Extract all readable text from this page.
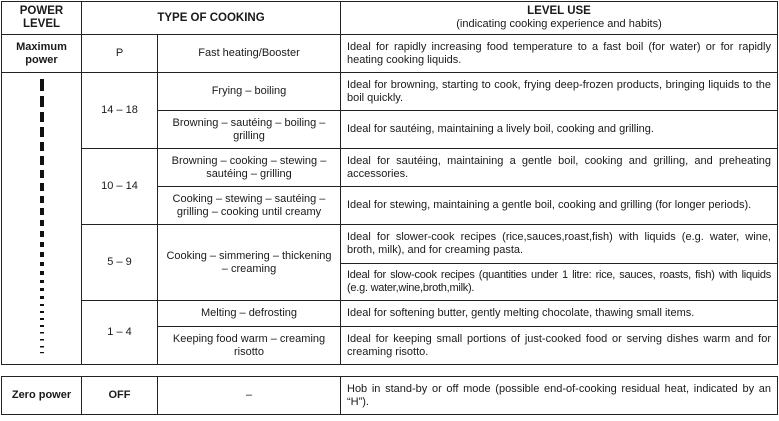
POWER LEVEL	TYPE OF COOKING		LEVEL USE
(indicating cooking experience and habits)

Maximum power	P	Fast heating/Booster	Ideal for rapidly increasing food temperature to a fast boil (for water) or for rapidly heating cooking liquids.

	14 – 18	Frying – boiling	Ideal for browning, starting to cook, frying deep-frozen products, bringing liquids to the boil quickly.
		Browning – sautéing – boiling – grilling	Ideal for sautéing, maintaining a lively boil, cooking and grilling.
	10 – 14	Browning – cooking – stewing – sautéing – grilling	Ideal for sautéing, maintaining a gentle boil, cooking and grilling, and preheating accessories.
		Cooking – stewing – sautéing – grilling – cooking until creamy	Ideal for stewing, maintaining a gentle boil, cooking and grilling (for longer periods).
	5 – 9	Cooking – simmering – thickening – creaming	Ideal for slower-cook recipes (rice,sauces,roast,fish) with liquids (e.g. water, wine, broth, milk), and for creaming pasta.
			Ideal for slow-cook recipes (quantities under 1 litre: rice, sauces, roasts, fish) with liquids (e.g. water,wine,broth,milk).
	1 – 4	Melting – defrosting	Ideal for softening butter, gently melting chocolate, thawing small items.
		Keeping food warm – creaming risotto	Ideal for keeping small portions of just-cooked food or serving dishes warm and for creaming risotto.
Zero power	OFF	–	Hob in stand-by or off mode (possible end-of-cooking residual heat, indicated by an “H”).
